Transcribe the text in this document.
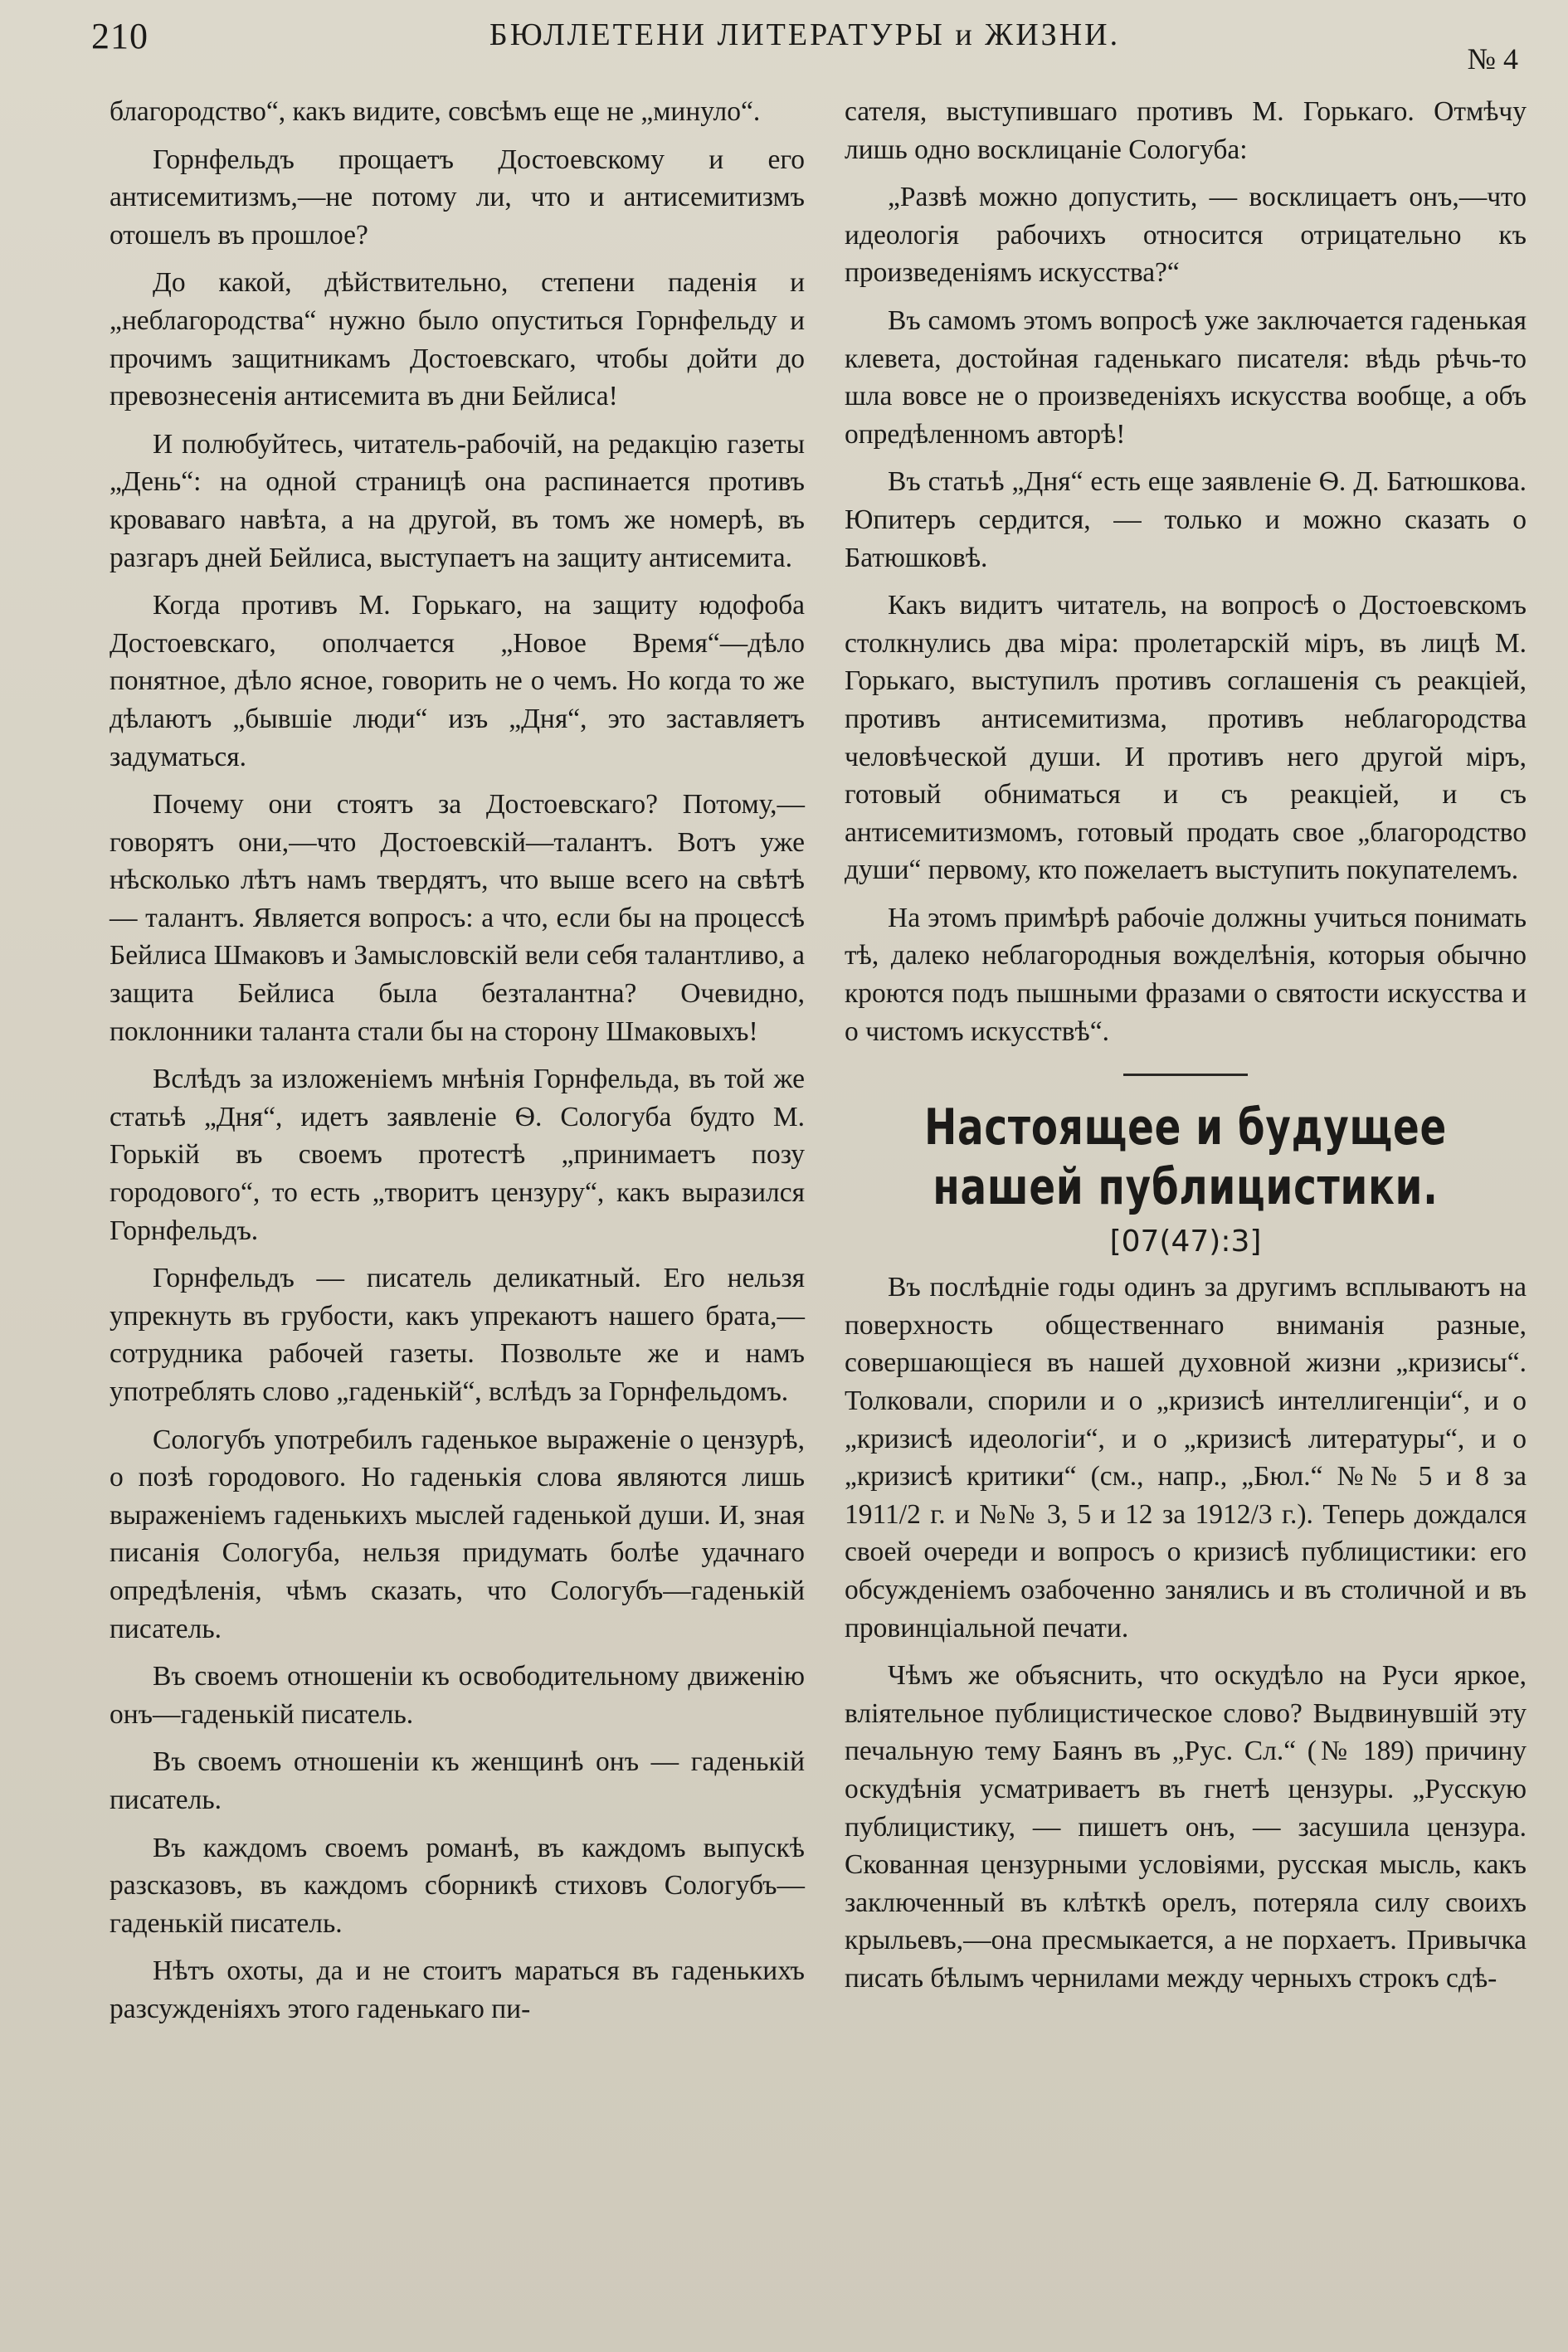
210	БЮЛЛЕТЕНИ ЛИТЕРАТУРЫ и ЖИЗНИ.
№ 4

благородство“, какъ видите, совсѣмъ еще не „минуло“.

Горнфельдъ прощаетъ Достоевскому и его антисемитизмъ,—не потому ли, что и антисемитизмъ отошелъ въ прошлое?

До какой, дѣйствительно, степени паденія и „неблагородства“ нужно было опуститься Горнфельду и прочимъ защитникамъ Достоевскаго, чтобы дойти до превознесенія антисемита въ дни Бейлиса!

И полюбуйтесь, читатель-рабочій, на редакцію газеты „День“: на одной страницѣ она распинается противъ кроваваго навѣта, а на другой, въ томъ же номерѣ, въ разгаръ дней Бейлиса, выступаетъ на защиту антисемита.

Когда противъ М. Горькаго, на защиту юдофоба Достоевскаго, ополчается „Новое Время“—дѣло понятное, дѣло ясное, говорить не о чемъ. Но когда то же дѣлаютъ „бывшіе люди“ изъ „Дня“, это заставляетъ задуматься.

Почему они стоятъ за Достоевскаго? Потому,—говорятъ они,—что Достоевскій—талантъ. Вотъ уже нѣсколько лѣтъ намъ твердятъ, что выше всего на свѣтѣ — талантъ. Является вопросъ: а что, если бы на процессѣ Бейлиса Шмаковъ и Замысловскій вели себя талантливо, а защита Бейлиса была безталантна? Очевидно, поклонники таланта стали бы на сторону Шмаковыхъ!

Вслѣдъ за изложеніемъ мнѣнія Горнфельда, въ той же статьѣ „Дня“, идетъ заявленіе Ѳ. Сологуба будто М. Горькій въ своемъ протестѣ „принимаетъ позу городового“, то есть „творитъ цензуру“, какъ выразился Горнфельдъ.

Горнфельдъ — писатель деликатный. Его нельзя упрекнуть въ грубости, какъ упрекаютъ нашего брата,—сотрудника рабочей газеты. Позвольте же и намъ употреблять слово „гаденькій“, вслѣдъ за Горнфельдомъ.

Сологубъ употребилъ гаденькое выраженіе о цензурѣ, о позѣ городового. Но гаденькія слова являются лишь выраженіемъ гаденькихъ мыслей гаденькой души. И, зная писанія Сологуба, нельзя придумать болѣе удачнаго опредѣленія, чѣмъ сказать, что Сологубъ—гаденькій писатель.

Въ своемъ отношеніи къ освободительному движенію онъ—гаденькій писатель.

Въ своемъ отношеніи къ женщинѣ онъ — гаденькій писатель.

Въ каждомъ своемъ романѣ, въ каждомъ выпускѣ разсказовъ, въ каждомъ сборникѣ стиховъ Сологубъ—гаденькій писатель.

Нѣтъ охоты, да и не стоитъ мараться въ гаденькихъ разсужденіяхъ этого гаденькаго пи-

сателя, выступившаго противъ М. Горькаго. Отмѣчу лишь одно восклицаніе Сологуба:

„Развѣ можно допустить, — восклицаетъ онъ,—что идеологія рабочихъ относится отрицательно къ произведеніямъ искусства?“

Въ самомъ этомъ вопросѣ уже заключается гаденькая клевета, достойная гаденькаго писателя: вѣдь рѣчь-то шла вовсе не о произведеніяхъ искусства вообще, а объ опредѣленномъ авторѣ!

Въ статьѣ „Дня“ есть еще заявленіе Ѳ. Д. Батюшкова. Юпитеръ сердится, — только и можно сказать о Батюшковѣ.

Какъ видитъ читатель, на вопросѣ о Достоевскомъ столкнулись два міра: пролетарскій міръ, въ лицѣ М. Горькаго, выступилъ противъ соглашенія съ реакціей, противъ антисемитизма, противъ неблагородства человѣческой души. И противъ него другой міръ, готовый обниматься и съ реакціей, и съ антисемитизмомъ, готовый продать свое „благородство души“ первому, кто пожелаетъ выступить покупателемъ.

На этомъ примѣрѣ рабочіе должны учиться понимать тѣ, далеко неблагородныя вожделѣнія, которыя обычно кроются подъ пышными фразами о святости искусства и о чистомъ искусствѣ“.

Настоящее и будущее нашей публицистики.
[07(47):3]

Въ послѣдніе годы одинъ за другимъ всплываютъ на поверхность общественнаго вниманія разные, совершающіеся въ нашей духовной жизни „кризисы“. Толковали, спорили и о „кризисѣ интеллигенціи“, и о „кризисѣ идеологіи“, и о „кризисѣ литературы“, и о „кризисѣ критики“ (см., напр., „Бюл.“ №№ 5 и 8 за 1911/2 г. и №№ 3, 5 и 12 за 1912/3 г.). Теперь дождался своей очереди и вопросъ о кризисѣ публицистики: его обсужденіемъ озабоченно занялись и въ столичной и въ провинціальной печати.

Чѣмъ же объяснить, что оскудѣло на Руси яркое, вліятельное публицистическое слово? Выдвинувшій эту печальную тему Баянъ въ „Рус. Сл.“ (№ 189) причину оскудѣнія усматриваетъ въ гнетѣ цензуры. „Русскую публицистику, — пишетъ онъ, — засушила цензура. Скованная цензурными условіями, русская мысль, какъ заключенный въ клѣткѣ орелъ, потеряла силу своихъ крыльевъ,—она пресмыкается, а не порхаетъ. Привычка писать бѣлымъ чернилами между черныхъ строкъ сдѣ-
